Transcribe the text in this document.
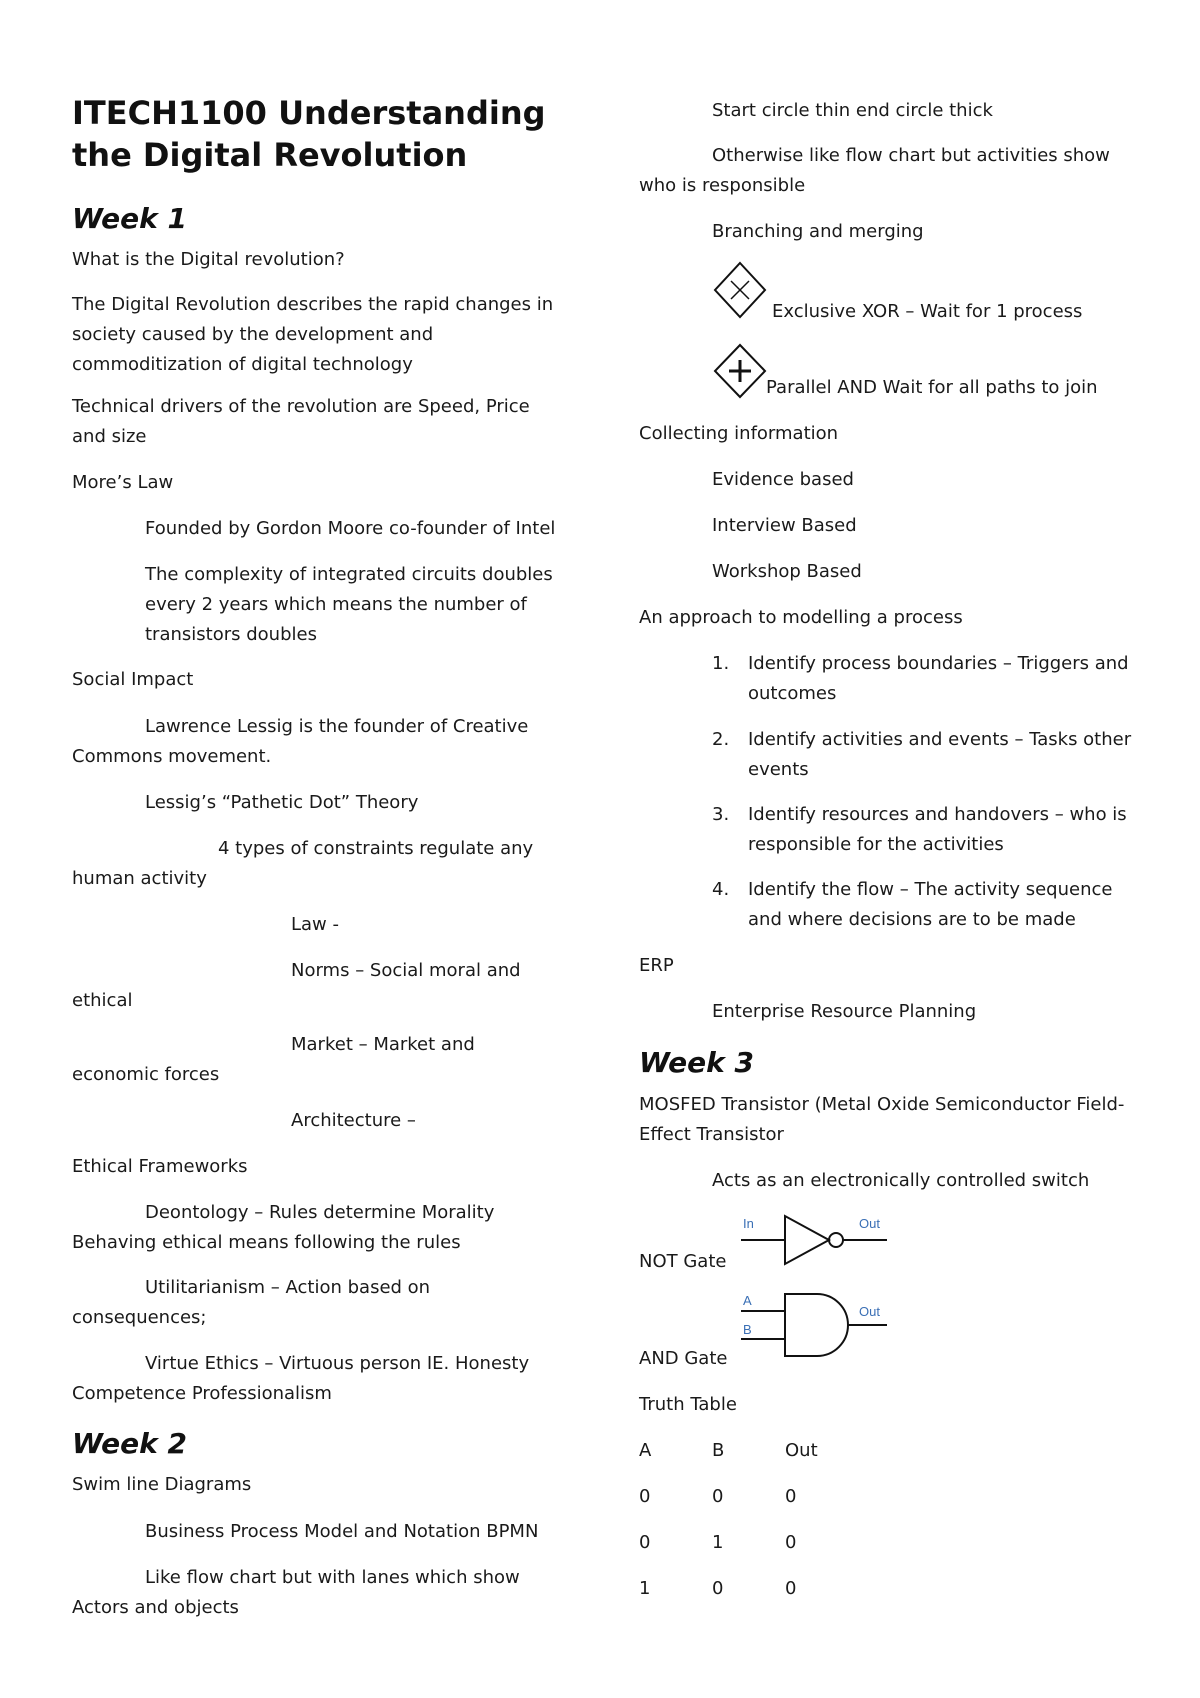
ITECH1100 Understanding the Digital Revolution
Week 1
What is the Digital revolution?
The Digital Revolution describes the rapid changes in society caused by the development and commoditization of digital technology
Technical drivers of the revolution are Speed, Price and size
More’s Law
Founded by Gordon Moore co-founder of Intel
The complexity of integrated circuits doubles every 2 years which means the number of transistors doubles
Social Impact
Lawrence Lessig is the founder of Creative Commons movement.
Lessig’s “Pathetic Dot” Theory
4 types of constraints regulate any human activity
Law -
Norms – Social moral and ethical
Market – Market and economic forces
Architecture –
Ethical Frameworks
Deontology – Rules determine Morality Behaving ethical means following the rules
Utilitarianism – Action based on consequences;
Virtue Ethics – Virtuous person IE. Honesty Competence Professionalism
Week 2
Swim line Diagrams
Business Process Model and Notation BPMN
Like flow chart but with lanes which show Actors and objects
Start circle thin end circle thick
Otherwise like flow chart but activities show who is responsible
Branching and merging
Exclusive XOR – Wait for 1 process
Parallel AND Wait for all paths to join
Collecting information
Evidence based
Interview Based
Workshop Based
An approach to modelling a process
1. Identify process boundaries – Triggers and outcomes
2. Identify activities and events – Tasks other events
3. Identify resources and handovers – who is responsible for the activities
4. Identify the flow – The activity sequence and where decisions are to be made
ERP
Enterprise Resource Planning
Week 3
MOSFED Transistor (Metal Oxide Semiconductor Field-Effect Transistor
Acts as an electronically controlled switch
In	Out
NOT Gate
A
B
Out
AND Gate
Truth Table
A	B	Out
0	0	0
0	1	0
1	0	0
